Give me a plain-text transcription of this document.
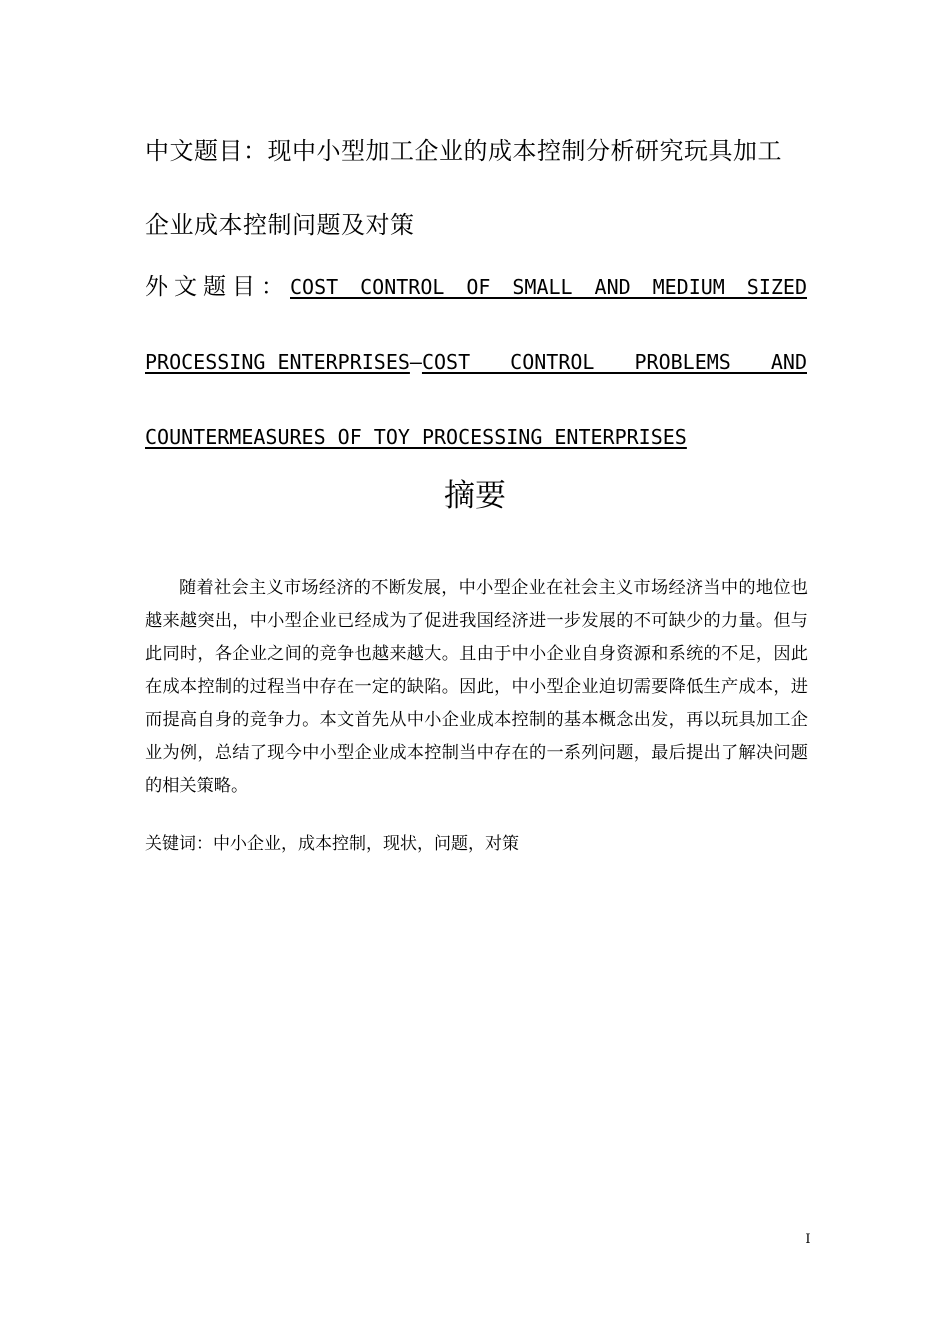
中文题目：现中小型加工企业的成本控制分析研究玩具加工
企业成本控制问题及对策
外文题目： COST CONTROL OF SMALL AND MEDIUM SIZED
PROCESSING ENTERPRISES— COST CONTROL PROBLEMS AND
COUNTERMEASURES OF TOY PROCESSING ENTERPRISES
摘要
随着社会主义市场经济的不断发展，中小型企业在社会主义市场经济当中的地位也越来越突出，中小型企业已经成为了促进我国经济进一步发展的不可缺少的力量。但与此同时，各企业之间的竞争也越来越大。且由于中小企业自身资源和系统的不足，因此在成本控制的过程当中存在一定的缺陷。因此，中小型企业迫切需要降低生产成本，进而提高自身的竞争力。本文首先从中小企业成本控制的基本概念出发，再以玩具加工企业为例，总结了现今中小型企业成本控制当中存在的一系列问题，最后提出了解决问题的相关策略。
关键词：中小企业，成本控制，现状，问题，对策
I
